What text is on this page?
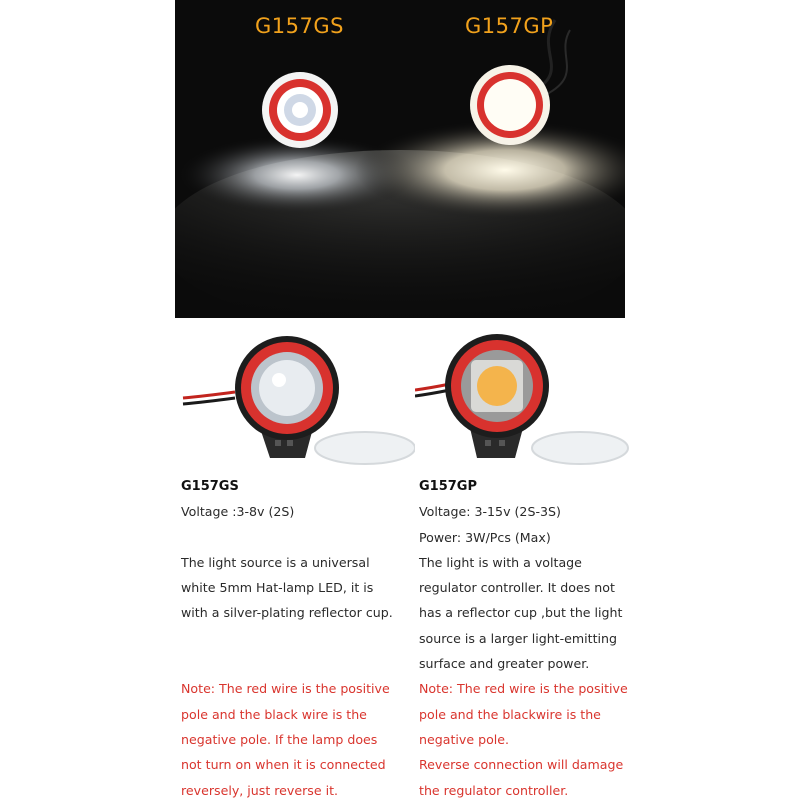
G157GS	G157GP
G157GS
Voltage :3-8v (2S)
The light source is a universal
white 5mm Hat-lamp LED, it is
with a silver-plating reflector cup.
Note: The red wire is the positive
pole and the black wire is the
negative pole. If the lamp does
not turn on when it is connected
reversely, just reverse it.
G157GP
Voltage: 3-15v (2S-3S)
Power: 3W/Pcs (Max)
The light is with a voltage
regulator controller. It does not
has a reflector cup ,but the light
source is a larger light-emitting
surface and greater power.
Note: The red wire is the positive
pole and the blackwire is the
negative pole.
Reverse connection will damage
the regulator controller.
